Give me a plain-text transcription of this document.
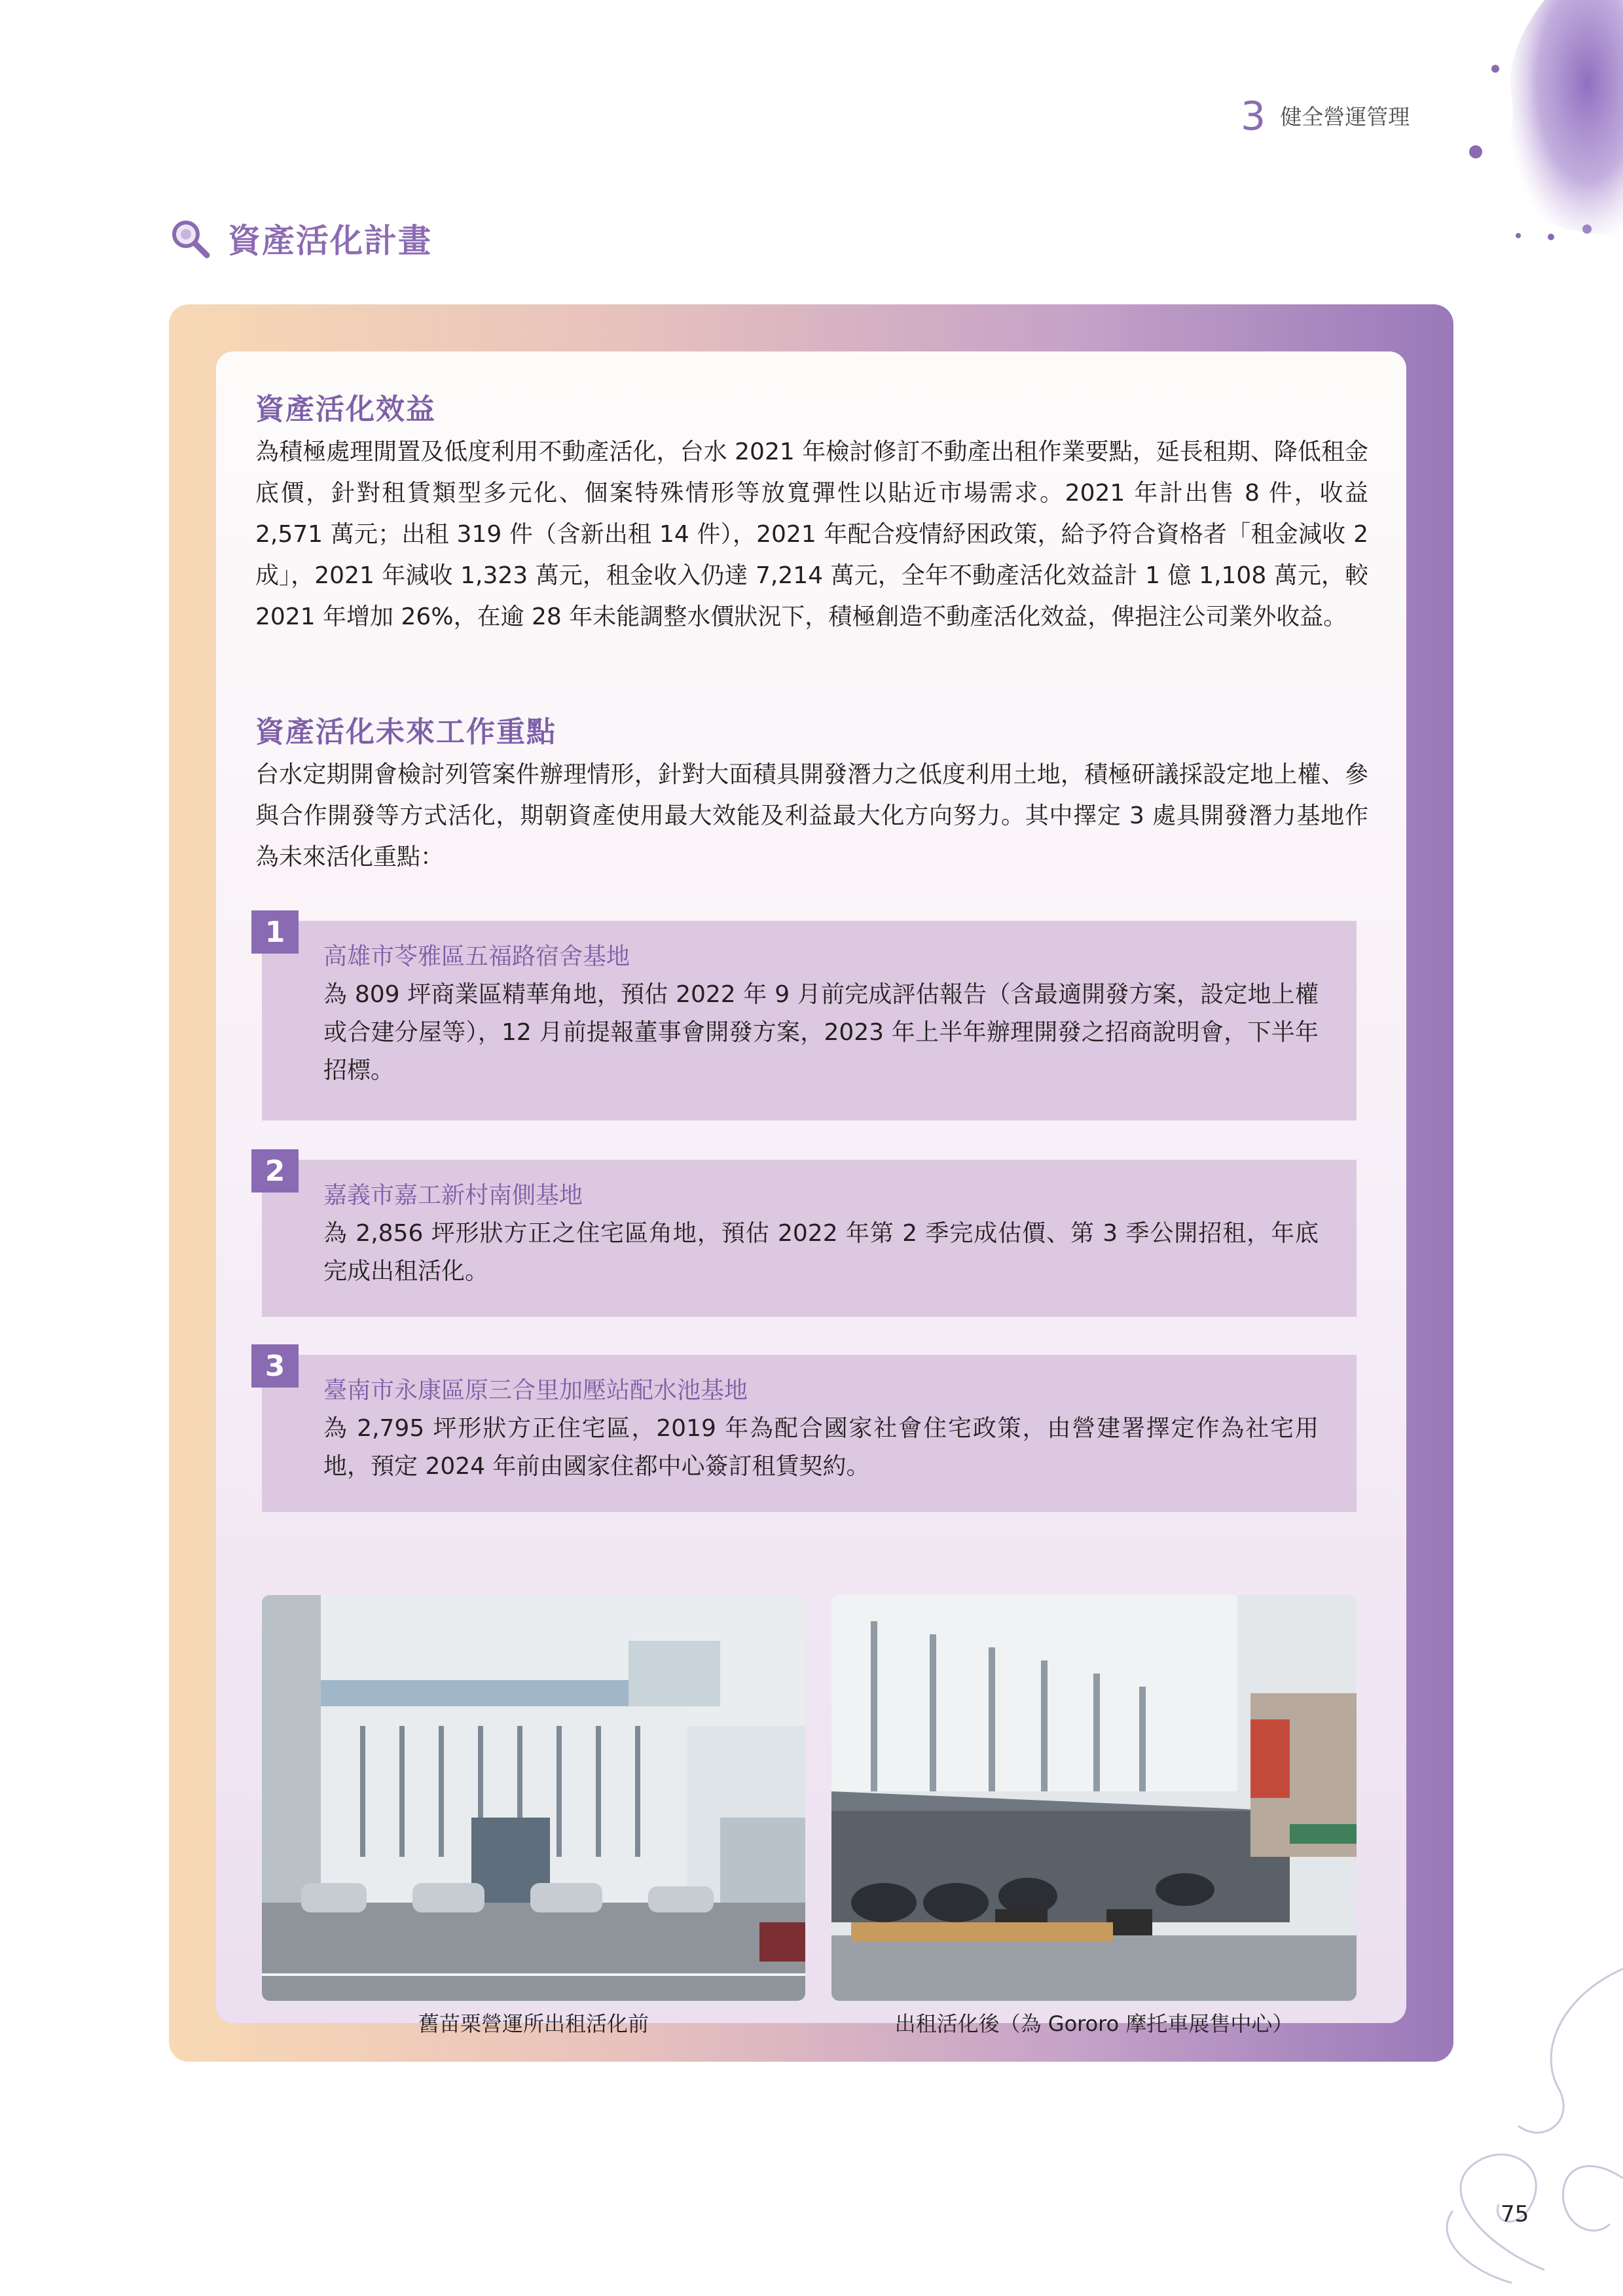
3 健全營運管理
資產活化計畫
資產活化效益

為積極處理閒置及低度利用不動產活化，台水 2021 年檢討修訂不動產出租作業要點，延長租期、降低租金底價，針對租賃類型多元化、個案特殊情形等放寬彈性以貼近市場需求。2021 年計出售 8 件，收益 2,571 萬元；出租 319 件（含新出租 14 件），2021 年配合疫情紓困政策，給予符合資格者「租金減收 2 成」，2021 年減收 1,323 萬元，租金收入仍達 7,214 萬元，全年不動產活化效益計 1 億 1,108 萬元，較 2021 年增加 26%，在逾 28 年未能調整水價狀況下，積極創造不動產活化效益，俾挹注公司業外收益。

資產活化未來工作重點

台水定期開會檢討列管案件辦理情形，針對大面積具開發潛力之低度利用土地，積極研議採設定地上權、參與合作開發等方式活化，期朝資產使用最大效能及利益最大化方向努力。其中擇定 3 處具開發潛力基地作為未來活化重點：

1
高雄市苓雅區五福路宿舍基地

為 809 坪商業區精華角地，預估 2022 年 9 月前完成評估報告（含最適開發方案，設定地上權或合建分屋等），12 月前提報董事會開發方案，2023 年上半年辦理開發之招商說明會，下半年招標。

2
嘉義市嘉工新村南側基地

為 2,856 坪形狀方正之住宅區角地，預估 2022 年第 2 季完成估價、第 3 季公開招租，年底完成出租活化。

3
臺南市永康區原三合里加壓站配水池基地

為 2,795 坪形狀方正住宅區，2019 年為配合國家社會住宅政策，由營建署擇定作為社宅用地，預定 2024 年前由國家住都中心簽訂租賃契約。

舊苗栗營運所出租活化前	出租活化後（為 Gororo 摩托車展售中心）
75
